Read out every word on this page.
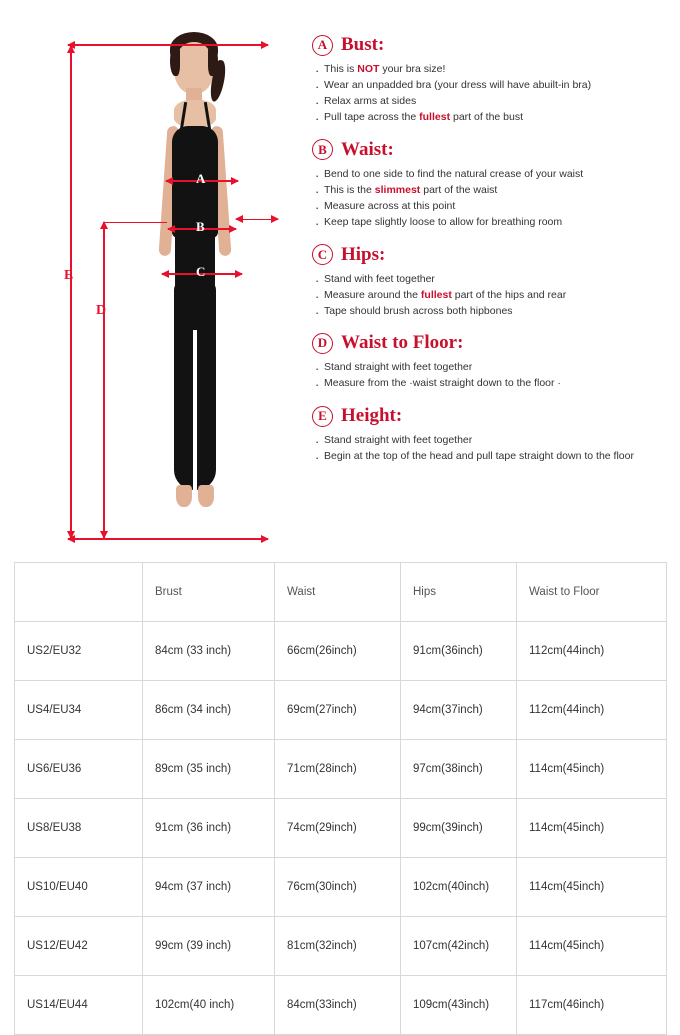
E
D
A
B
C
A Bust:
· This is NOT your bra size!
· Wear an unpadded bra (your dress will have abuilt-in bra)
· Relax arms at sides
· Pull tape across the fullest part of the bust
B Waist:
· Bend to one side to find the natural crease of your waist
· This is the slimmest part of the waist
· Measure across at this point
· Keep tape slightly loose to allow for breathing room
C Hips:
· Stand with feet together
· Measure around the fullest part of the hips and rear
· Tape should brush across both hipbones
D Waist to Floor:
· Stand straight with feet together
· Measure from the ·waist straight down to the floor ·
E Height:
· Stand straight with feet together
· Begin at the top of the head and pull tape straight down to the floor
	Brust	Waist	Hips	Waist to Floor
US2/EU32	84cm (33 inch)	66cm(26inch)	91cm(36inch)	112cm(44inch)
US4/EU34	86cm (34 inch)	69cm(27inch)	94cm(37inch)	112cm(44inch)
US6/EU36	89cm (35 inch)	71cm(28inch)	97cm(38inch)	114cm(45inch)
US8/EU38	91cm (36 inch)	74cm(29inch)	99cm(39inch)	114cm(45inch)
US10/EU40	94cm (37 inch)	76cm(30inch)	102cm(40inch)	114cm(45inch)
US12/EU42	99cm (39 inch)	81cm(32inch)	107cm(42inch)	114cm(45inch)
US14/EU44	102cm(40 inch)	84cm(33inch)	109cm(43inch)	117cm(46inch)
